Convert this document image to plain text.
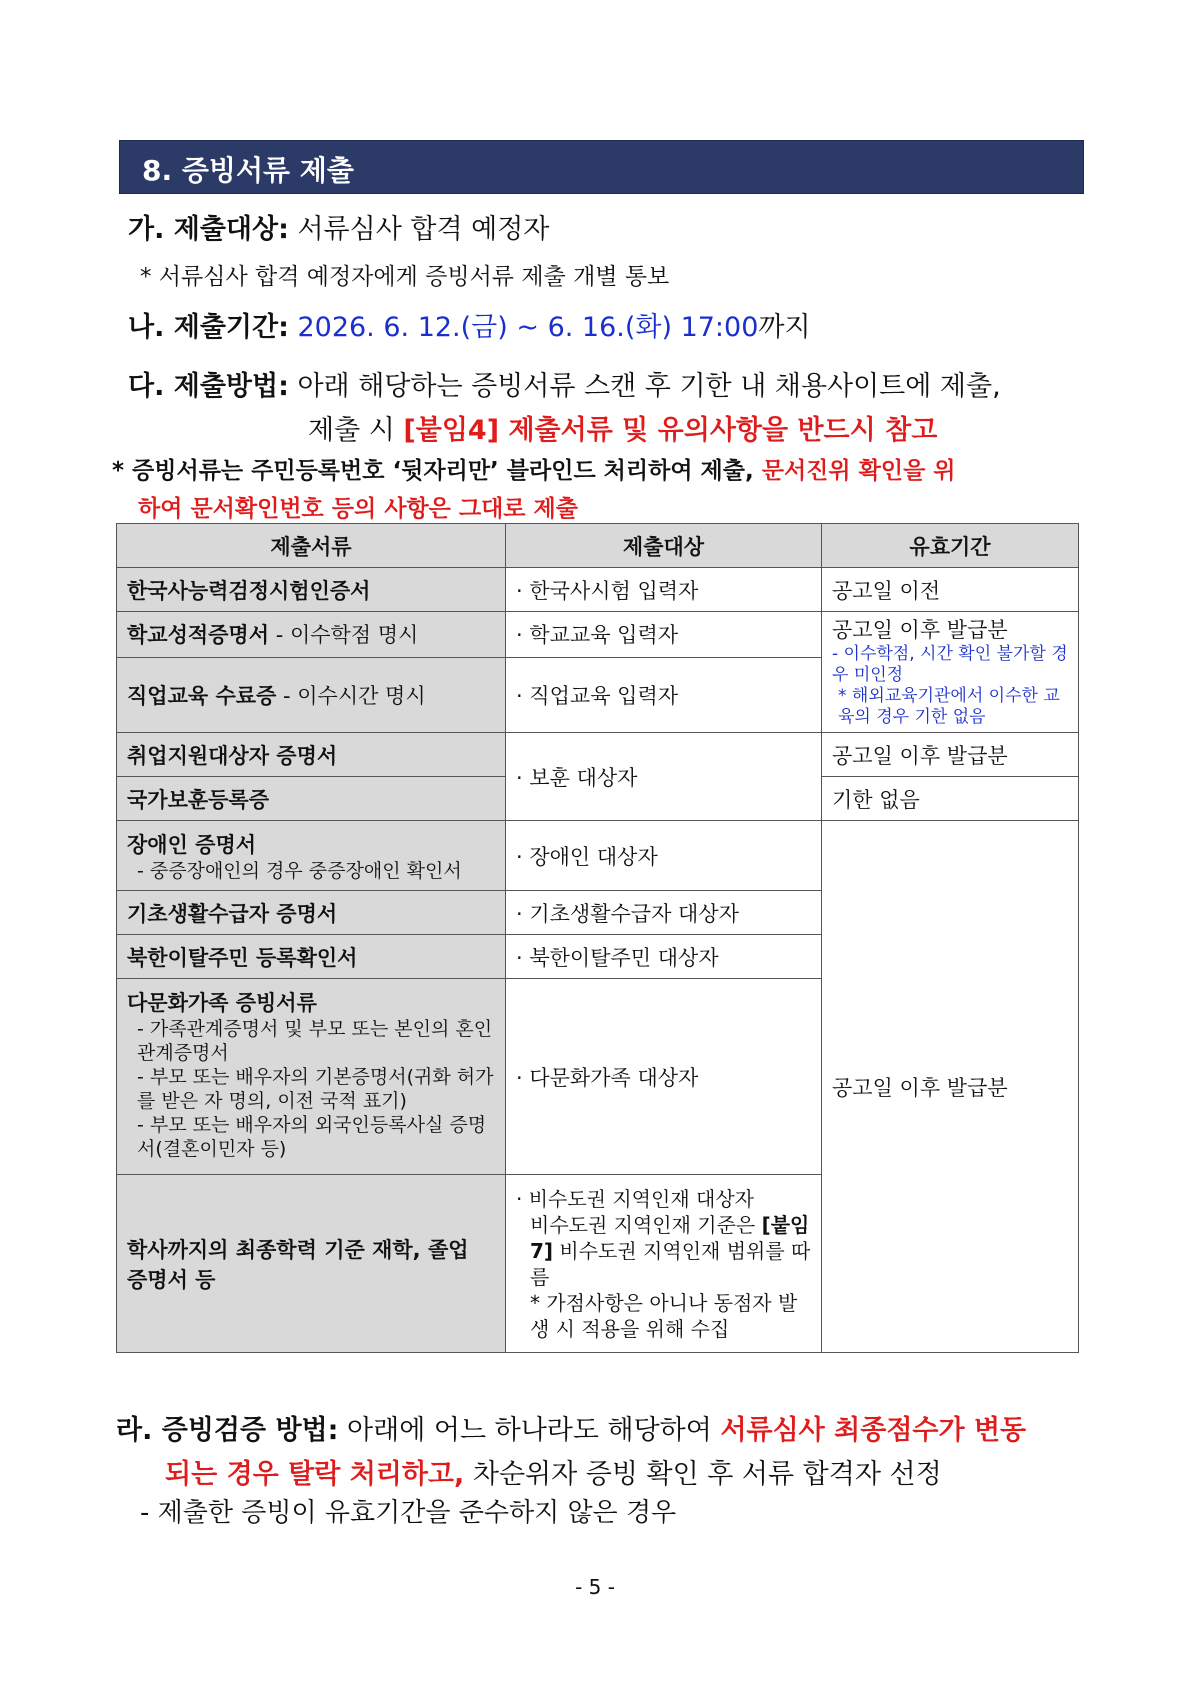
8. 증빙서류 제출
가. 제출대상: 서류심사 합격 예정자
* 서류심사 합격 예정자에게 증빙서류 제출 개별 통보
나. 제출기간: 2026. 6. 12.(금) ~ 6. 16.(화) 17:00까지
다. 제출방법: 아래 해당하는 증빙서류 스캔 후 기한 내 채용사이트에 제출,
제출 시 [붙임4] 제출서류 및 유의사항을 반드시 참고
* 증빙서류는 주민등록번호 ‘뒷자리만’ 블라인드 처리하여 제출, 문서진위 확인을 위
하여 문서확인번호 등의 사항은 그대로 제출
제출서류	제출대상	유효기간
한국사능력검정시험인증서	· 한국사시험 입력자	공고일 이전
학교성적증명서 - 이수학점 명시	· 학교교육 입력자	공고일 이후 발급분
- 이수학점, 시간 확인 불가할 경우 미인정
* 해외교육기관에서 이수한 교육의 경우 기한 없음

직업교육 수료증 - 이수시간 명시	· 직업교육 입력자
취업지원대상자 증명서	· 보훈 대상자	공고일 이후 발급분
국가보훈등록증		기한 없음

장애인 증명서
- 중증장애인의 경우 중증장애인 확인서	· 장애인 대상자	공고일 이후 발급분
기초생활수급자 증명서	· 기초생활수급자 대상자
북한이탈주민 등록확인서	· 북한이탈주민 대상자

다문화가족 증빙서류
- 가족관계증명서 및 부모 또는 본인의 혼인관계증명서
- 부모 또는 배우자의 기본증명서(귀화 허가를 받은 자 명의, 이전 국적 표기)
- 부모 또는 배우자의 외국인등록사실 증명서(결혼이민자 등)	· 다문화가족 대상자
학사까지의 최종학력 기준 재학, 졸업 증명서 등	· 비수도권 지역인재 대상자
비수도권 지역인재 기준은 [붙임7] 비수도권 지역인재 범위를 따름
* 가점사항은 아니나 동점자 발생 시 적용을 위해 수집
라. 증빙검증 방법: 아래에 어느 하나라도 해당하여 서류심사 최종점수가 변동
되는 경우 탈락 처리하고, 차순위자 증빙 확인 후 서류 합격자 선정
- 제출한 증빙이 유효기간을 준수하지 않은 경우
- 5 -
